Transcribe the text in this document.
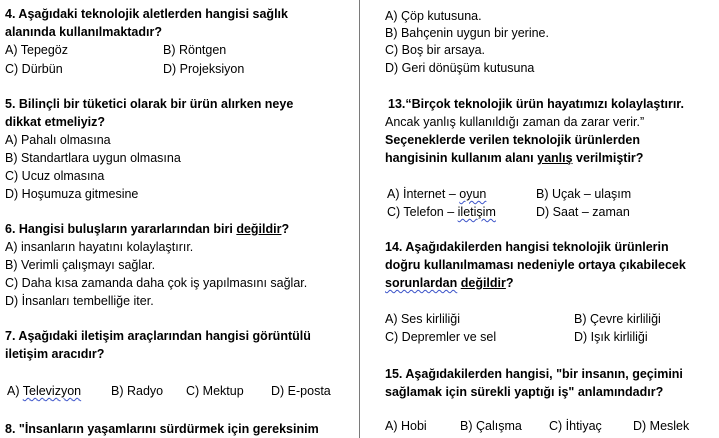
4. Aşağıdaki teknolojik aletlerden hangisi sağlık
alanında kullanılmaktadır?
A) Tepegöz	B) Röntgen
C) Dürbün	D) Projeksiyon
5. Bilinçli bir tüketici olarak bir ürün alırken neye
dikkat etmeliyiz?
A) Pahalı olmasına
B) Standartlara uygun olmasına
C) Ucuz olmasına
D) Hoşumuza gitmesine
6. Hangisi buluşların yararlarından biri değildir?
A) insanların hayatını kolaylaştırır.
B) Verimli çalışmayı sağlar.
C) Daha kısa zamanda daha çok iş yapılmasını sağlar.
D) İnsanları tembelliğe iter.
7. Aşağıdaki iletişim araçlarından hangisi görüntülü
iletişim aracıdır?
A) Televizyon B) Radyo C) Mektup D) E-posta
8. "İnsanların yaşamlarını sürdürmek için gereksinim
A) Çöp kutusuna.
B) Bahçenin uygun bir yerine.
C) Boş bir arsaya.
D) Geri dönüşüm kutusuna
13.“Birçok teknolojik ürün hayatımızı kolaylaştırır.
Ancak yanlış kullanıldığı zaman da zarar verir.”
Seçeneklerde verilen teknolojik ürünlerden
hangisinin kullanım alanı yanlış verilmiştir?
A) İnternet – oyun	B) Uçak – ulaşım
C) Telefon – iletişim	D) Saat – zaman
14. Aşağıdakilerden hangisi teknolojik ürünlerin
doğru kullanılmaması nedeniyle ortaya çıkabilecek
sorunlardan değildir?
A) Ses kirliliği	B) Çevre kirliliği
C) Depremler ve sel	D) Işık kirliliği
15. Aşağıdakilerden hangisi, "bir insanın, geçimini
sağlamak için sürekli yaptığı iş" anlamındadır?
A) Hobi	B) Çalışma C) İhtiyaç D) Meslek
